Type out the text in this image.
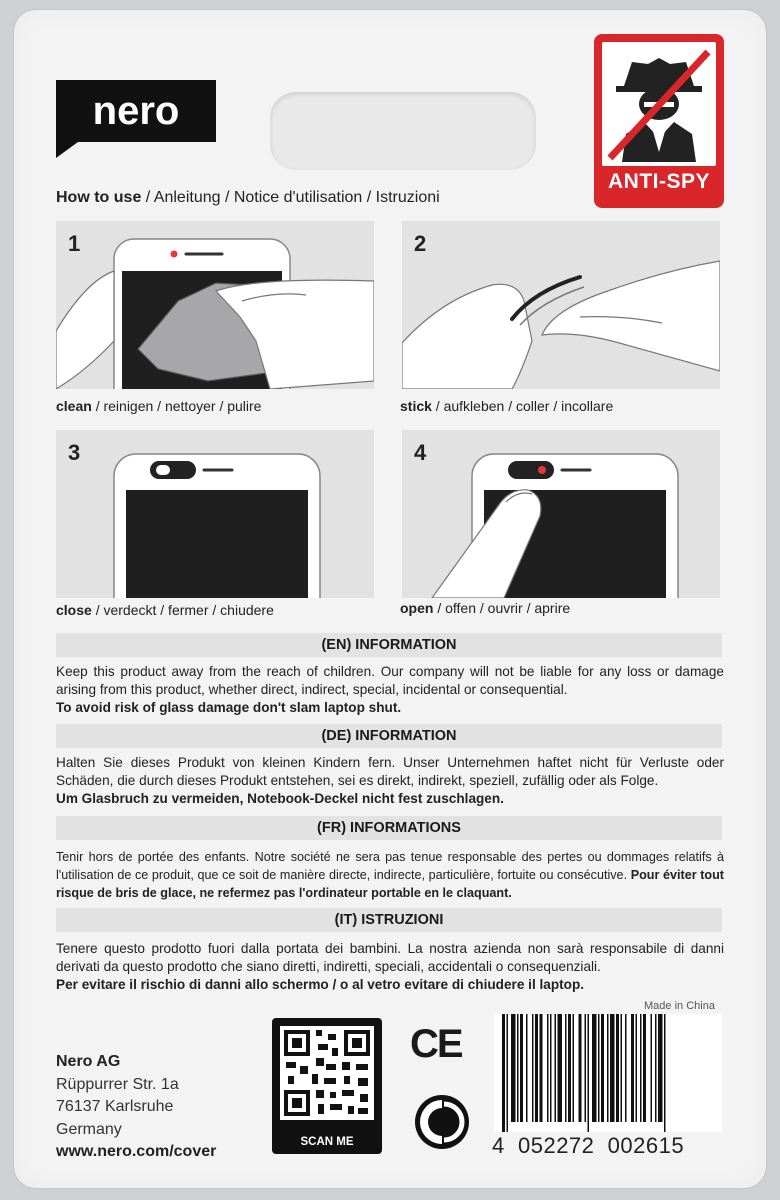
nero
ANTI-SPY
How to use / Anleitung / Notice d'utilisation / Istruzioni
1
clean / reinigen / nettoyer / pulire
2
stick / aufkleben / coller / incollare
3
close / verdeckt / fermer / chiudere
4
open / offen / ouvrir / aprire
(EN) INFORMATION
Keep this product away from the reach of children. Our company will not be liable for any loss or damage arising from this product, whether direct, indirect, special, incidental or consequential.
To avoid risk of glass damage don't slam laptop shut.
(DE) INFORMATION
Halten Sie dieses Produkt von kleinen Kindern fern. Unser Unternehmen haftet nicht für Verluste oder Schäden, die durch dieses Produkt entstehen, sei es direkt, indirekt, speziell, zufällig oder als Folge.
Um Glasbruch zu vermeiden, Notebook-Deckel nicht fest zuschlagen.
(FR) INFORMATIONS
Tenir hors de portée des enfants. Notre société ne sera pas tenue responsable des pertes ou dommages relatifs à l'utilisation de ce produit, que ce soit de manière directe, indirecte, particulière, fortuite ou consécutive. Pour éviter tout risque de bris de glace, ne refermez pas l'ordinateur portable en le claquant.
(IT) ISTRUZIONI
Tenere questo prodotto fuori dalla portata dei bambini. La nostra azienda non sarà responsabile di danni derivati da questo prodotto che siano diretti, indiretti, speciali, accidentali o consequenziali.
Per evitare il rischio di danni allo schermo / o al vetro evitare di chiudere il laptop.
Made in China
Nero AG
Rüppurrer Str. 1a
76137 Karlsruhe
Germany
www.nero.com/cover
SCAN ME
CE
4 052272 002615
